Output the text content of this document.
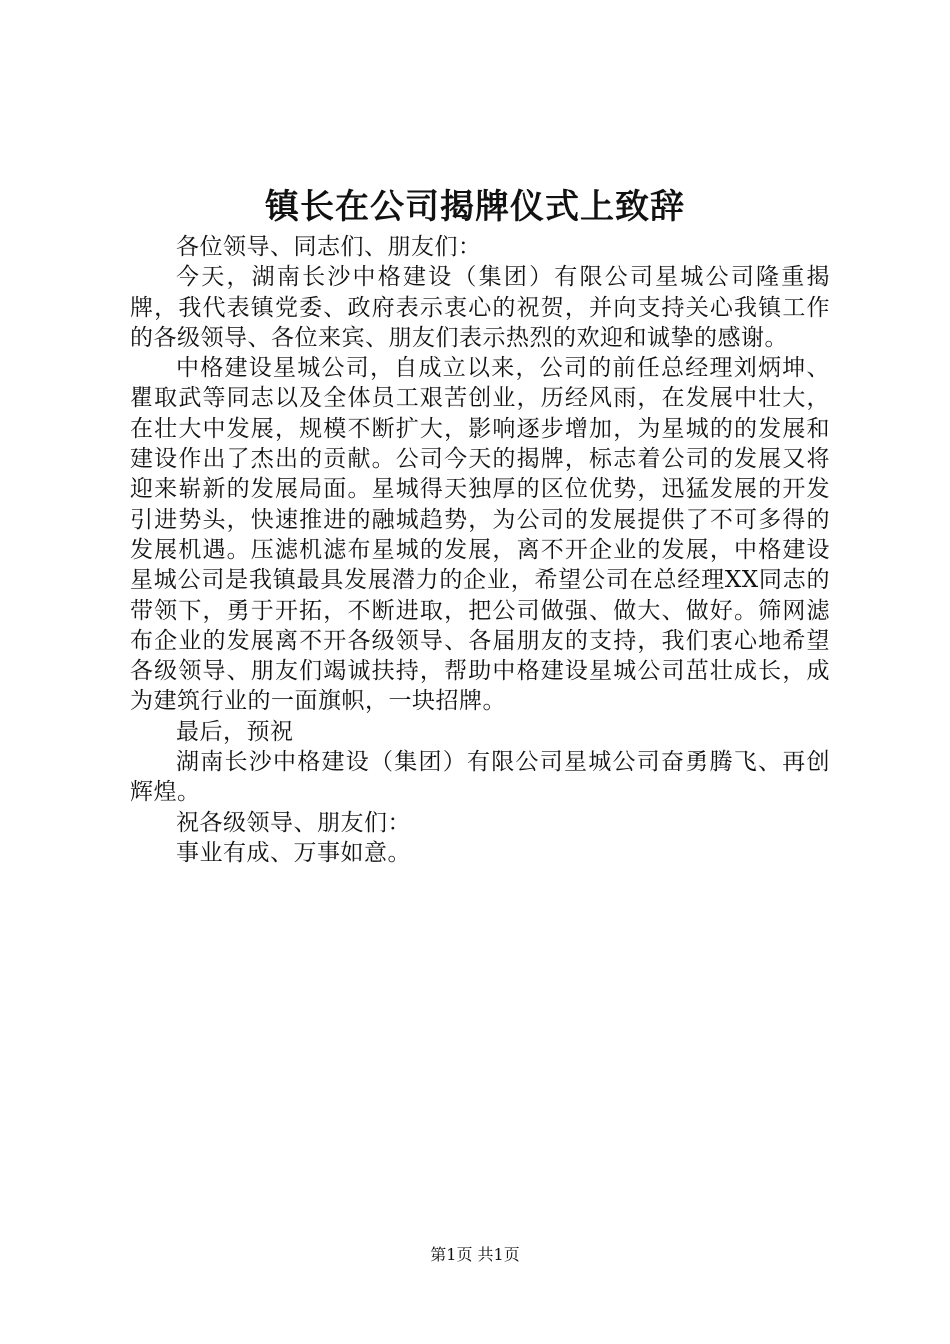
镇长在公司揭牌仪式上致辞

各位领导、同志们、朋友们：

今天，湖南长沙中格建设（集团）有限公司星城公司隆重揭牌，我代表镇党委、政府表示衷心的祝贺，并向支持关心我镇工作的各级领导、各位来宾、朋友们表示热烈的欢迎和诚挚的感谢。

中格建设星城公司，自成立以来，公司的前任总经理刘炳坤、瞿取武等同志以及全体员工艰苦创业，历经风雨，在发展中壮大，在壮大中发展，规模不断扩大，影响逐步增加，为星城的的发展和建设作出了杰出的贡献。公司今天的揭牌，标志着公司的发展又将迎来崭新的发展局面。星城得天独厚的区位优势，迅猛发展的开发引进势头，快速推进的融城趋势，为公司的发展提供了不可多得的发展机遇。压滤机滤布星城的发展，离不开企业的发展，中格建设星城公司是我镇最具发展潜力的企业，希望公司在总经理XX同志的带领下，勇于开拓，不断进取，把公司做强、做大、做好。筛网滤布企业的发展离不开各级领导、各届朋友的支持，我们衷心地希望各级领导、朋友们竭诚扶持，帮助中格建设星城公司茁壮成长，成为建筑行业的一面旗帜，一块招牌。

最后，预祝

湖南长沙中格建设（集团）有限公司星城公司奋勇腾飞、再创辉煌。

祝各级领导、朋友们：

事业有成、万事如意。

第1页 共1页
